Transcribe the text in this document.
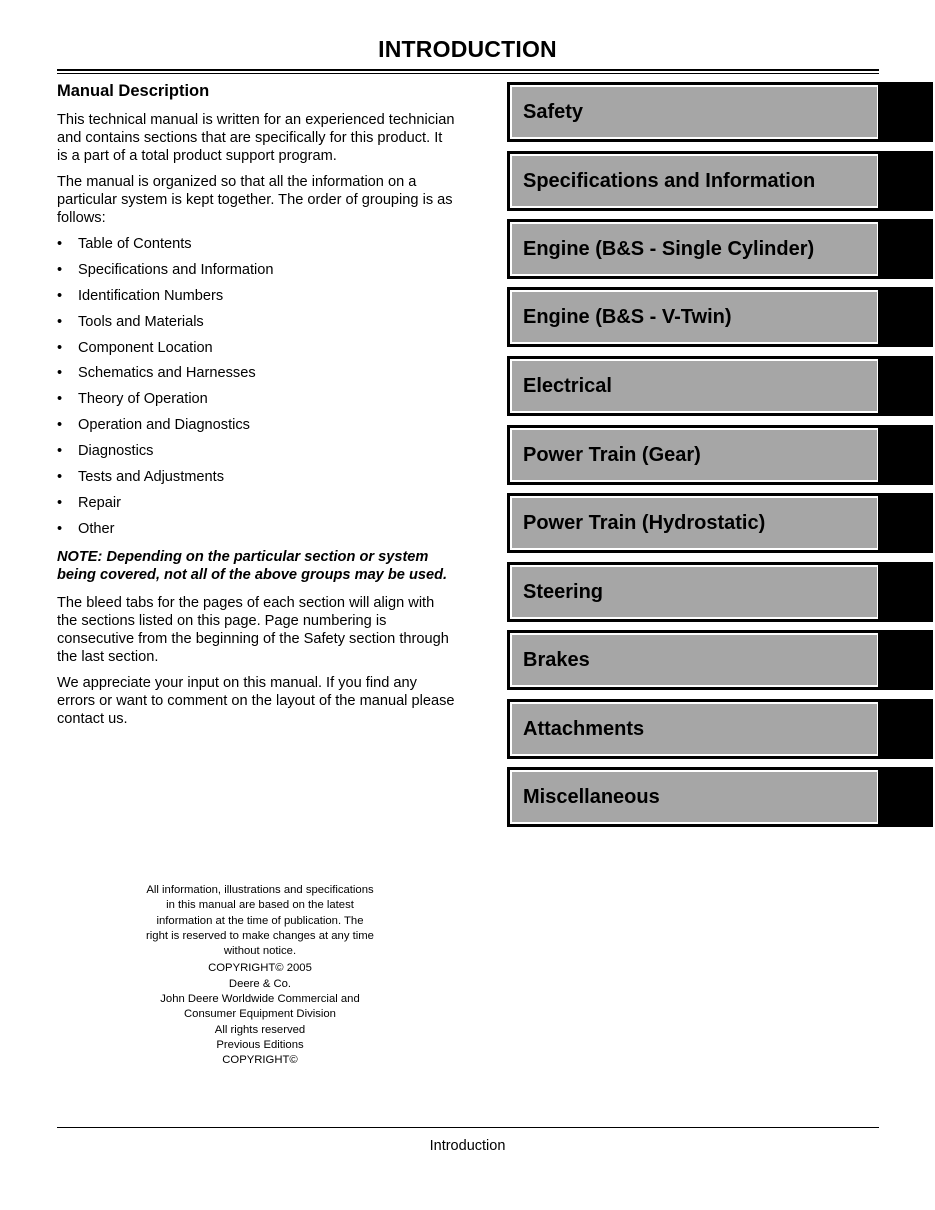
INTRODUCTION
Manual Description

This technical manual is written for an experienced technician and contains sections that are specifically for this product. It is a part of a total product support program.

The manual is organized so that all the information on a particular system is kept together. The order of grouping is as follows:

• Table of Contents
• Specifications and Information
• Identification Numbers
• Tools and Materials
• Component Location
• Schematics and Harnesses
• Theory of Operation
• Operation and Diagnostics
• Diagnostics
• Tests and Adjustments
• Repair
• Other

NOTE: Depending on the particular section or system being covered, not all of the above groups may be used.

The bleed tabs for the pages of each section will align with the sections listed on this page. Page numbering is consecutive from the beginning of the Safety section through the last section.

We appreciate your input on this manual. If you find any errors or want to comment on the layout of the manual please contact us.

Safety
Specifications and Information
Engine (B&S - Single Cylinder)
Engine (B&S - V-Twin)
Electrical
Power Train (Gear)
Power Train (Hydrostatic)
Steering
Brakes
Attachments
Miscellaneous
All information, illustrations and specifications in this manual are based on the latest information at the time of publication. The right is reserved to make changes at any time without notice.
COPYRIGHT© 2005
Deere & Co.
John Deere Worldwide Commercial and Consumer Equipment Division
All rights reserved
Previous Editions
COPYRIGHT©
Introduction
